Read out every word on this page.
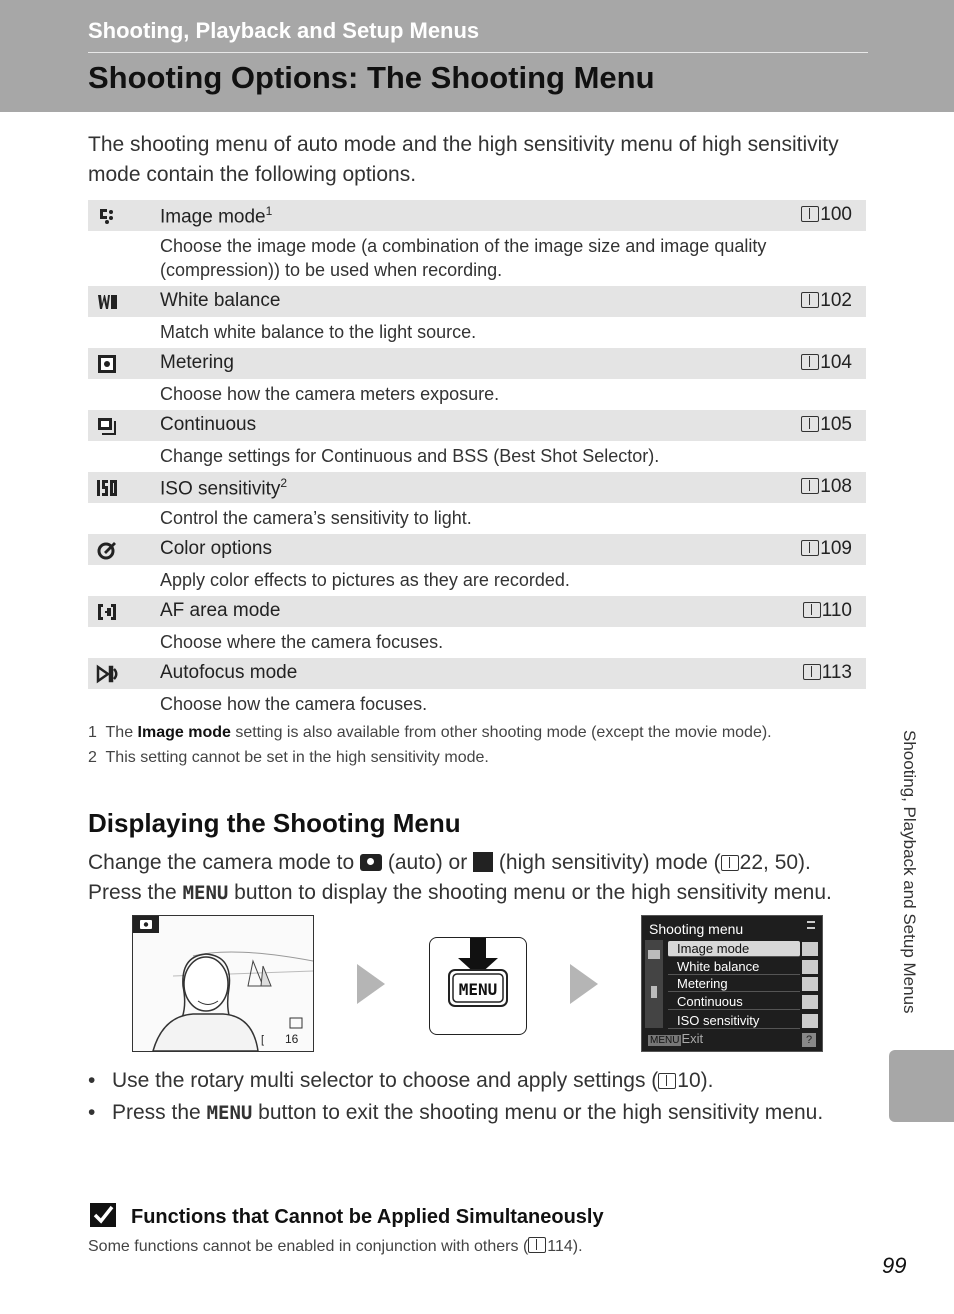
Shooting, Playback and Setup Menus
Shooting Options: The Shooting Menu
The shooting menu of auto mode and the high sensitivity menu of high sensitivity mode contain the following options.
Image mode$^1$	100
Choose the image mode (a combination of the image size and image quality (compression)) to be used when recording.
White balance	102
Match white balance to the light source.
Metering	104
Choose how the camera meters exposure.
Continuous	105
Change settings for Continuous and BSS (Best Shot Selector).
ISO sensitivity$^2$	108
Control the camera’s sensitivity to light.
Color options	109
Apply color effects to pictures as they are recorded.
AF area mode	110
Choose where the camera focuses.
Autofocus mode	113
Choose how the camera focuses.
1 The Image mode setting is also available from other shooting mode (except the movie mode).
2 This setting cannot be set in the high sensitivity mode.
Displaying the Shooting Menu
Change the camera mode to (auto) or (high sensitivity) mode ( 22, 50).
Press the MENU button to display the shooting menu or the high sensitivity menu.
[ 16
MENU
Shooting menu
Image mode
White balance
Metering
Continuous
ISO sensitivity
MENU Exit	?
• Use the rotary multi selector to choose and apply settings ( 10).
• Press the MENU button to exit the shooting menu or the high sensitivity menu.
Shooting, Playback and Setup Menus
Functions that Cannot be Applied Simultaneously
Some functions cannot be enabled in conjunction with others ( 114).
99
